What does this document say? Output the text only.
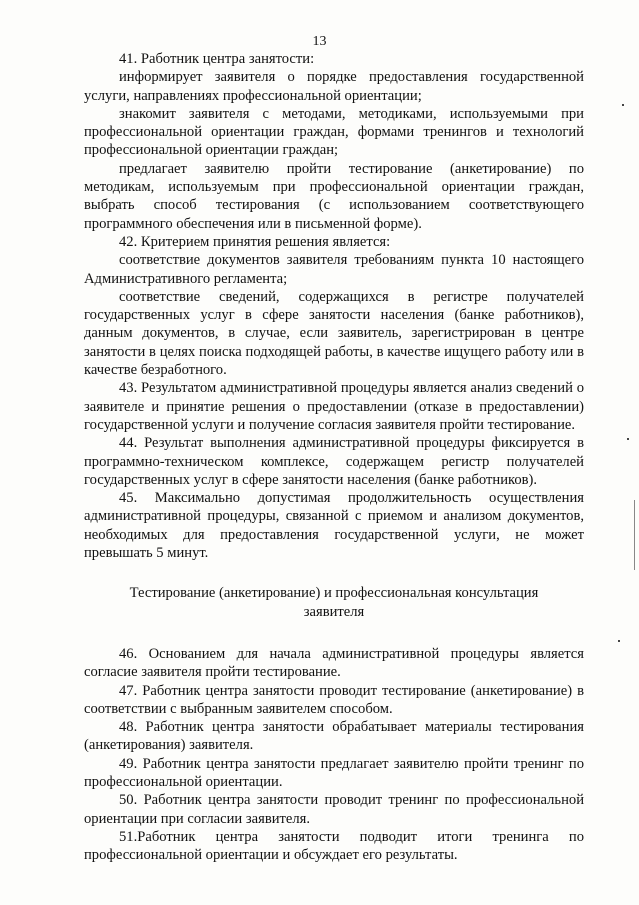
13

41. Работник центра занятости:

информирует заявителя о порядке предоставления государственной услуги, направлениях профессиональной ориентации;

знакомит заявителя с методами, методиками, используемыми при профессиональной ориентации граждан, формами тренингов и технологий профессиональной ориентации граждан;

предлагает заявителю пройти тестирование (анкетирование) по методикам, используемым при профессиональной ориентации граждан, выбрать способ тестирования (с использованием соответствующего программного обеспечения или в письменной форме).

42. Критерием принятия решения является:

соответствие документов заявителя требованиям пункта 10 настоящего Административного регламента;

соответствие сведений, содержащихся в регистре получателей государственных услуг в сфере занятости населения (банке работников), данным документов, в случае, если заявитель, зарегистрирован в центре занятости в целях поиска подходящей работы, в качестве ищущего работу или в качестве безработного.

43. Результатом административной процедуры является анализ сведений о заявителе и принятие решения о предоставлении (отказе в предоставлении) государственной услуги и получение согласия заявителя пройти тестирование.

44. Результат выполнения административной процедуры фиксируется в программно-техническом комплексе, содержащем регистр получателей государственных услуг в сфере занятости населения (банке работников).

45. Максимально допустимая продолжительность осуществления административной процедуры, связанной с приемом и анализом документов, необходимых для предоставления государственной услуги, не может превышать 5 минут.

Тестирование (анкетирование) и профессиональная консультация заявителя

46. Основанием для начала административной процедуры является согласие заявителя пройти тестирование.

47. Работник центра занятости проводит тестирование (анкетирование) в соответствии с выбранным заявителем способом.

48. Работник центра занятости обрабатывает материалы тестирования (анкетирования) заявителя.

49. Работник центра занятости предлагает заявителю пройти тренинг по профессиональной ориентации.

50. Работник центра занятости проводит тренинг по профессиональной ориентации при согласии заявителя.

51.Работник центра занятости подводит итоги тренинга по профессиональной ориентации и обсуждает его результаты.
